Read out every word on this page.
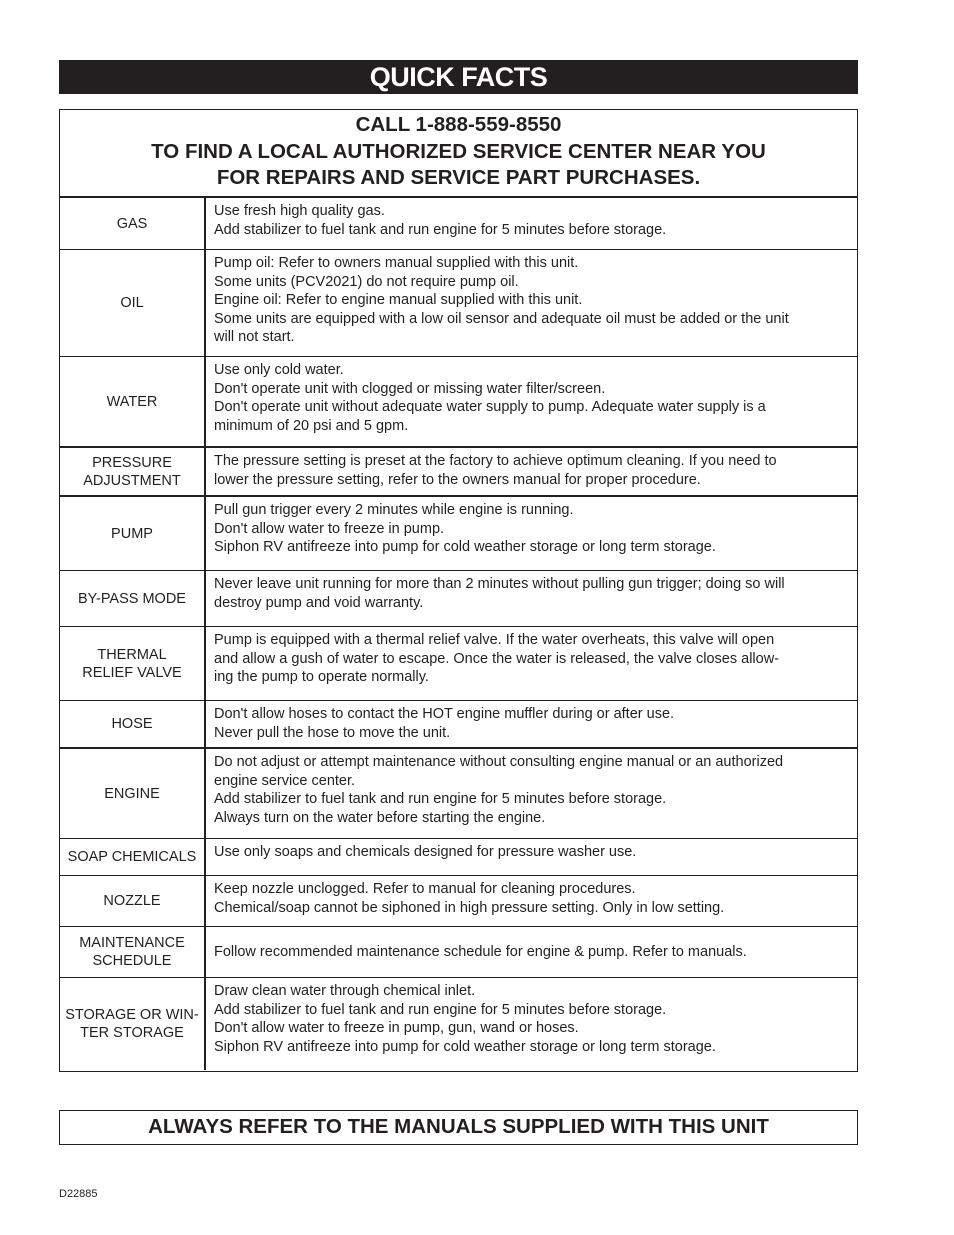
QUICK FACTS
CALL 1-888-559-8550
TO FIND A LOCAL AUTHORIZED SERVICE CENTER NEAR YOU
FOR REPAIRS AND SERVICE PART PURCHASES.
GAS
Use fresh high quality gas.
Add stabilizer to fuel tank and run engine for 5 minutes before storage.
OIL
Pump oil: Refer to owners manual supplied with this unit.
Some units (PCV2021) do not require pump oil.
Engine oil: Refer to engine manual supplied with this unit.
Some units are equipped with a low oil sensor and adequate oil must be added or the unit
will not start.
WATER
Use only cold water.
Don't operate unit with clogged or missing water filter/screen.
Don't operate unit without adequate water supply to pump. Adequate water supply is a
minimum of 20 psi and 5 gpm.
PRESSURE
ADJUSTMENT
The pressure setting is preset at the factory to achieve optimum cleaning. If you need to
lower the pressure setting, refer to the owners manual for proper procedure.
PUMP
Pull gun trigger every 2 minutes while engine is running.
Don't allow water to freeze in pump.
Siphon RV antifreeze into pump for cold weather storage or long term storage.
BY-PASS MODE
Never leave unit running for more than 2 minutes without pulling gun trigger; doing so will
destroy pump and void warranty.
THERMAL
RELIEF VALVE
Pump is equipped with a thermal relief valve. If the water overheats, this valve will open
and allow a gush of water to escape. Once the water is released, the valve closes allow-
ing the pump to operate normally.
HOSE
Don't allow hoses to contact the HOT engine muffler during or after use.
Never pull the hose to move the unit.
ENGINE
Do not adjust or attempt maintenance without consulting engine manual or an authorized
engine service center.
Add stabilizer to fuel tank and run engine for 5 minutes before storage.
Always turn on the water before starting the engine.
SOAP CHEMICALS Use only soaps and chemicals designed for pressure washer use.
NOZZLE
Keep nozzle unclogged. Refer to manual for cleaning procedures.
Chemical/soap cannot be siphoned in high pressure setting. Only in low setting.
MAINTENANCE
SCHEDULE
Follow recommended maintenance schedule for engine & pump. Refer to manuals.
STORAGE OR WIN-
TER STORAGE
Draw clean water through chemical inlet.
Add stabilizer to fuel tank and run engine for 5 minutes before storage.
Don't allow water to freeze in pump, gun, wand or hoses.
Siphon RV antifreeze into pump for cold weather storage or long term storage.
ALWAYS REFER TO THE MANUALS SUPPLIED WITH THIS UNIT
D22885
